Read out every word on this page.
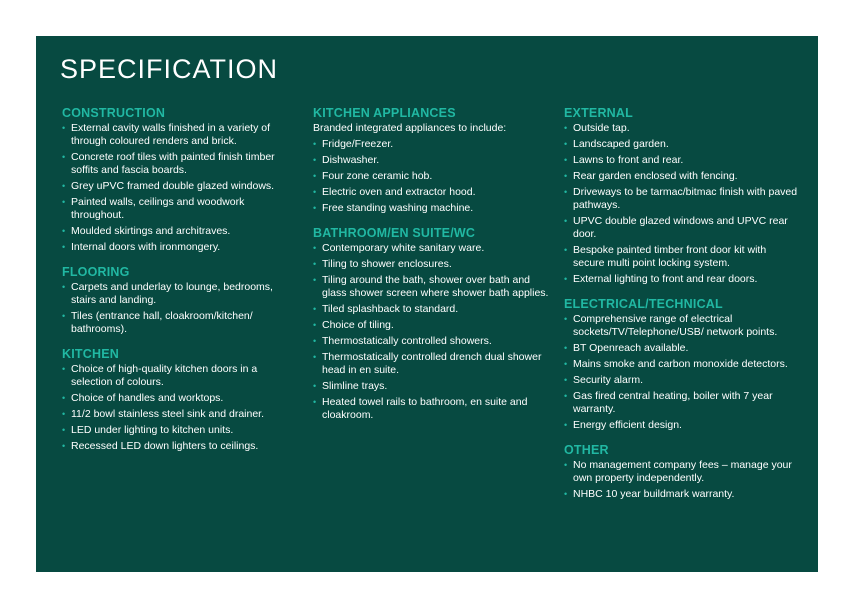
SPECIFICATION
CONSTRUCTION
• External cavity walls finished in a variety of through coloured renders and brick.
• Concrete roof tiles with painted finish timber soffits and fascia boards.
• Grey uPVC framed double glazed windows.
• Painted walls, ceilings and woodwork throughout.
• Moulded skirtings and architraves.
• Internal doors with ironmongery.
FLOORING
• Carpets and underlay to lounge, bedrooms, stairs and landing.
• Tiles (entrance hall, cloakroom/kitchen/ bathrooms).
KITCHEN
• Choice of high-quality kitchen doors in a selection of colours.
• Choice of handles and worktops.
• 11/2 bowl stainless steel sink and drainer.
• LED under lighting to kitchen units.
• Recessed LED down lighters to ceilings.
KITCHEN APPLIANCES

Branded integrated appliances to include:

• Fridge/Freezer.
• Dishwasher.
• Four zone ceramic hob.
• Electric oven and extractor hood.
• Free standing washing machine.
BATHROOM/EN SUITE/WC
• Contemporary white sanitary ware.
• Tiling to shower enclosures.
• Tiling around the bath, shower over bath and glass shower screen where shower bath applies.
• Tiled splashback to standard.
• Choice of tiling.
• Thermostatically controlled showers.
• Thermostatically controlled drench dual shower head in en suite.
• Slimline trays.
• Heated towel rails to bathroom, en suite and cloakroom.
EXTERNAL
• Outside tap.
• Landscaped garden.
• Lawns to front and rear.
• Rear garden enclosed with fencing.
• Driveways to be tarmac/bitmac finish with paved pathways.
• UPVC double glazed windows and UPVC rear door.
• Bespoke painted timber front door kit with secure multi point locking system.
• External lighting to front and rear doors.
ELECTRICAL/TECHNICAL
• Comprehensive range of electrical sockets/TV/Telephone/USB/ network points.
• BT Openreach available.
• Mains smoke and carbon monoxide detectors.
• Security alarm.
• Gas fired central heating, boiler with 7 year warranty.
• Energy efficient design.
OTHER
• No management company fees – manage your own property independently.
• NHBC 10 year buildmark warranty.
